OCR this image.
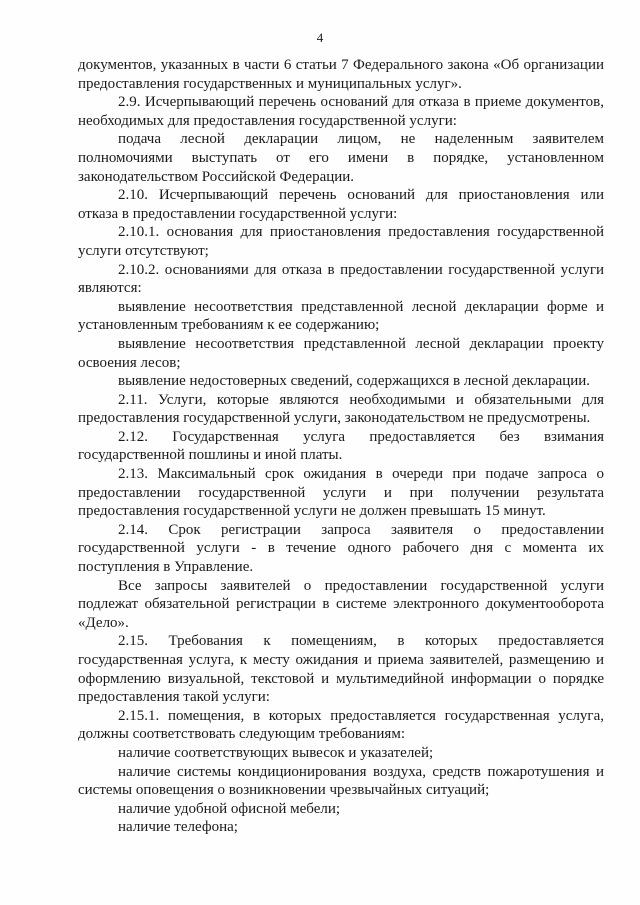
4

документов, указанных в части 6 статьи 7 Федерального закона «Об организации предоставления государственных и муниципальных услуг».

2.9. Исчерпывающий перечень оснований для отказа в приеме документов, необходимых для предоставления государственной услуги:

подача лесной декларации лицом, не наделенным заявителем полномочиями выступать от его имени в порядке, установленном законодательством Российской Федерации.

2.10. Исчерпывающий перечень оснований для приостановления или отказа в предоставлении государственной услуги:

2.10.1. основания для приостановления предоставления государственной услуги отсутствуют;

2.10.2. основаниями для отказа в предоставлении государственной услуги являются:

выявление несоответствия представленной лесной декларации форме и установленным требованиям к ее содержанию;

выявление несоответствия представленной лесной декларации проекту освоения лесов;

выявление недостоверных сведений, содержащихся в лесной декларации.

2.11. Услуги, которые являются необходимыми и обязательными для предоставления государственной услуги, законодательством не предусмотрены.

2.12. Государственная услуга предоставляется без взимания государственной пошлины и иной платы.

2.13. Максимальный срок ожидания в очереди при подаче запроса о предоставлении государственной услуги и при получении результата предоставления государственной услуги не должен превышать 15 минут.

2.14. Срок регистрации запроса заявителя о предоставлении государственной услуги - в течение одного рабочего дня с момента их поступления в Управление.

Все запросы заявителей о предоставлении государственной услуги подлежат обязательной регистрации в системе электронного документооборота «Дело».

2.15. Требования к помещениям, в которых предоставляется государственная услуга, к месту ожидания и приема заявителей, размещению и оформлению визуальной, текстовой и мультимедийной информации о порядке предоставления такой услуги:

2.15.1. помещения, в которых предоставляется государственная услуга, должны соответствовать следующим требованиям:

наличие соответствующих вывесок и указателей;

наличие системы кондиционирования воздуха, средств пожаротушения и системы оповещения о возникновении чрезвычайных ситуаций;

наличие удобной офисной мебели;

наличие телефона;
